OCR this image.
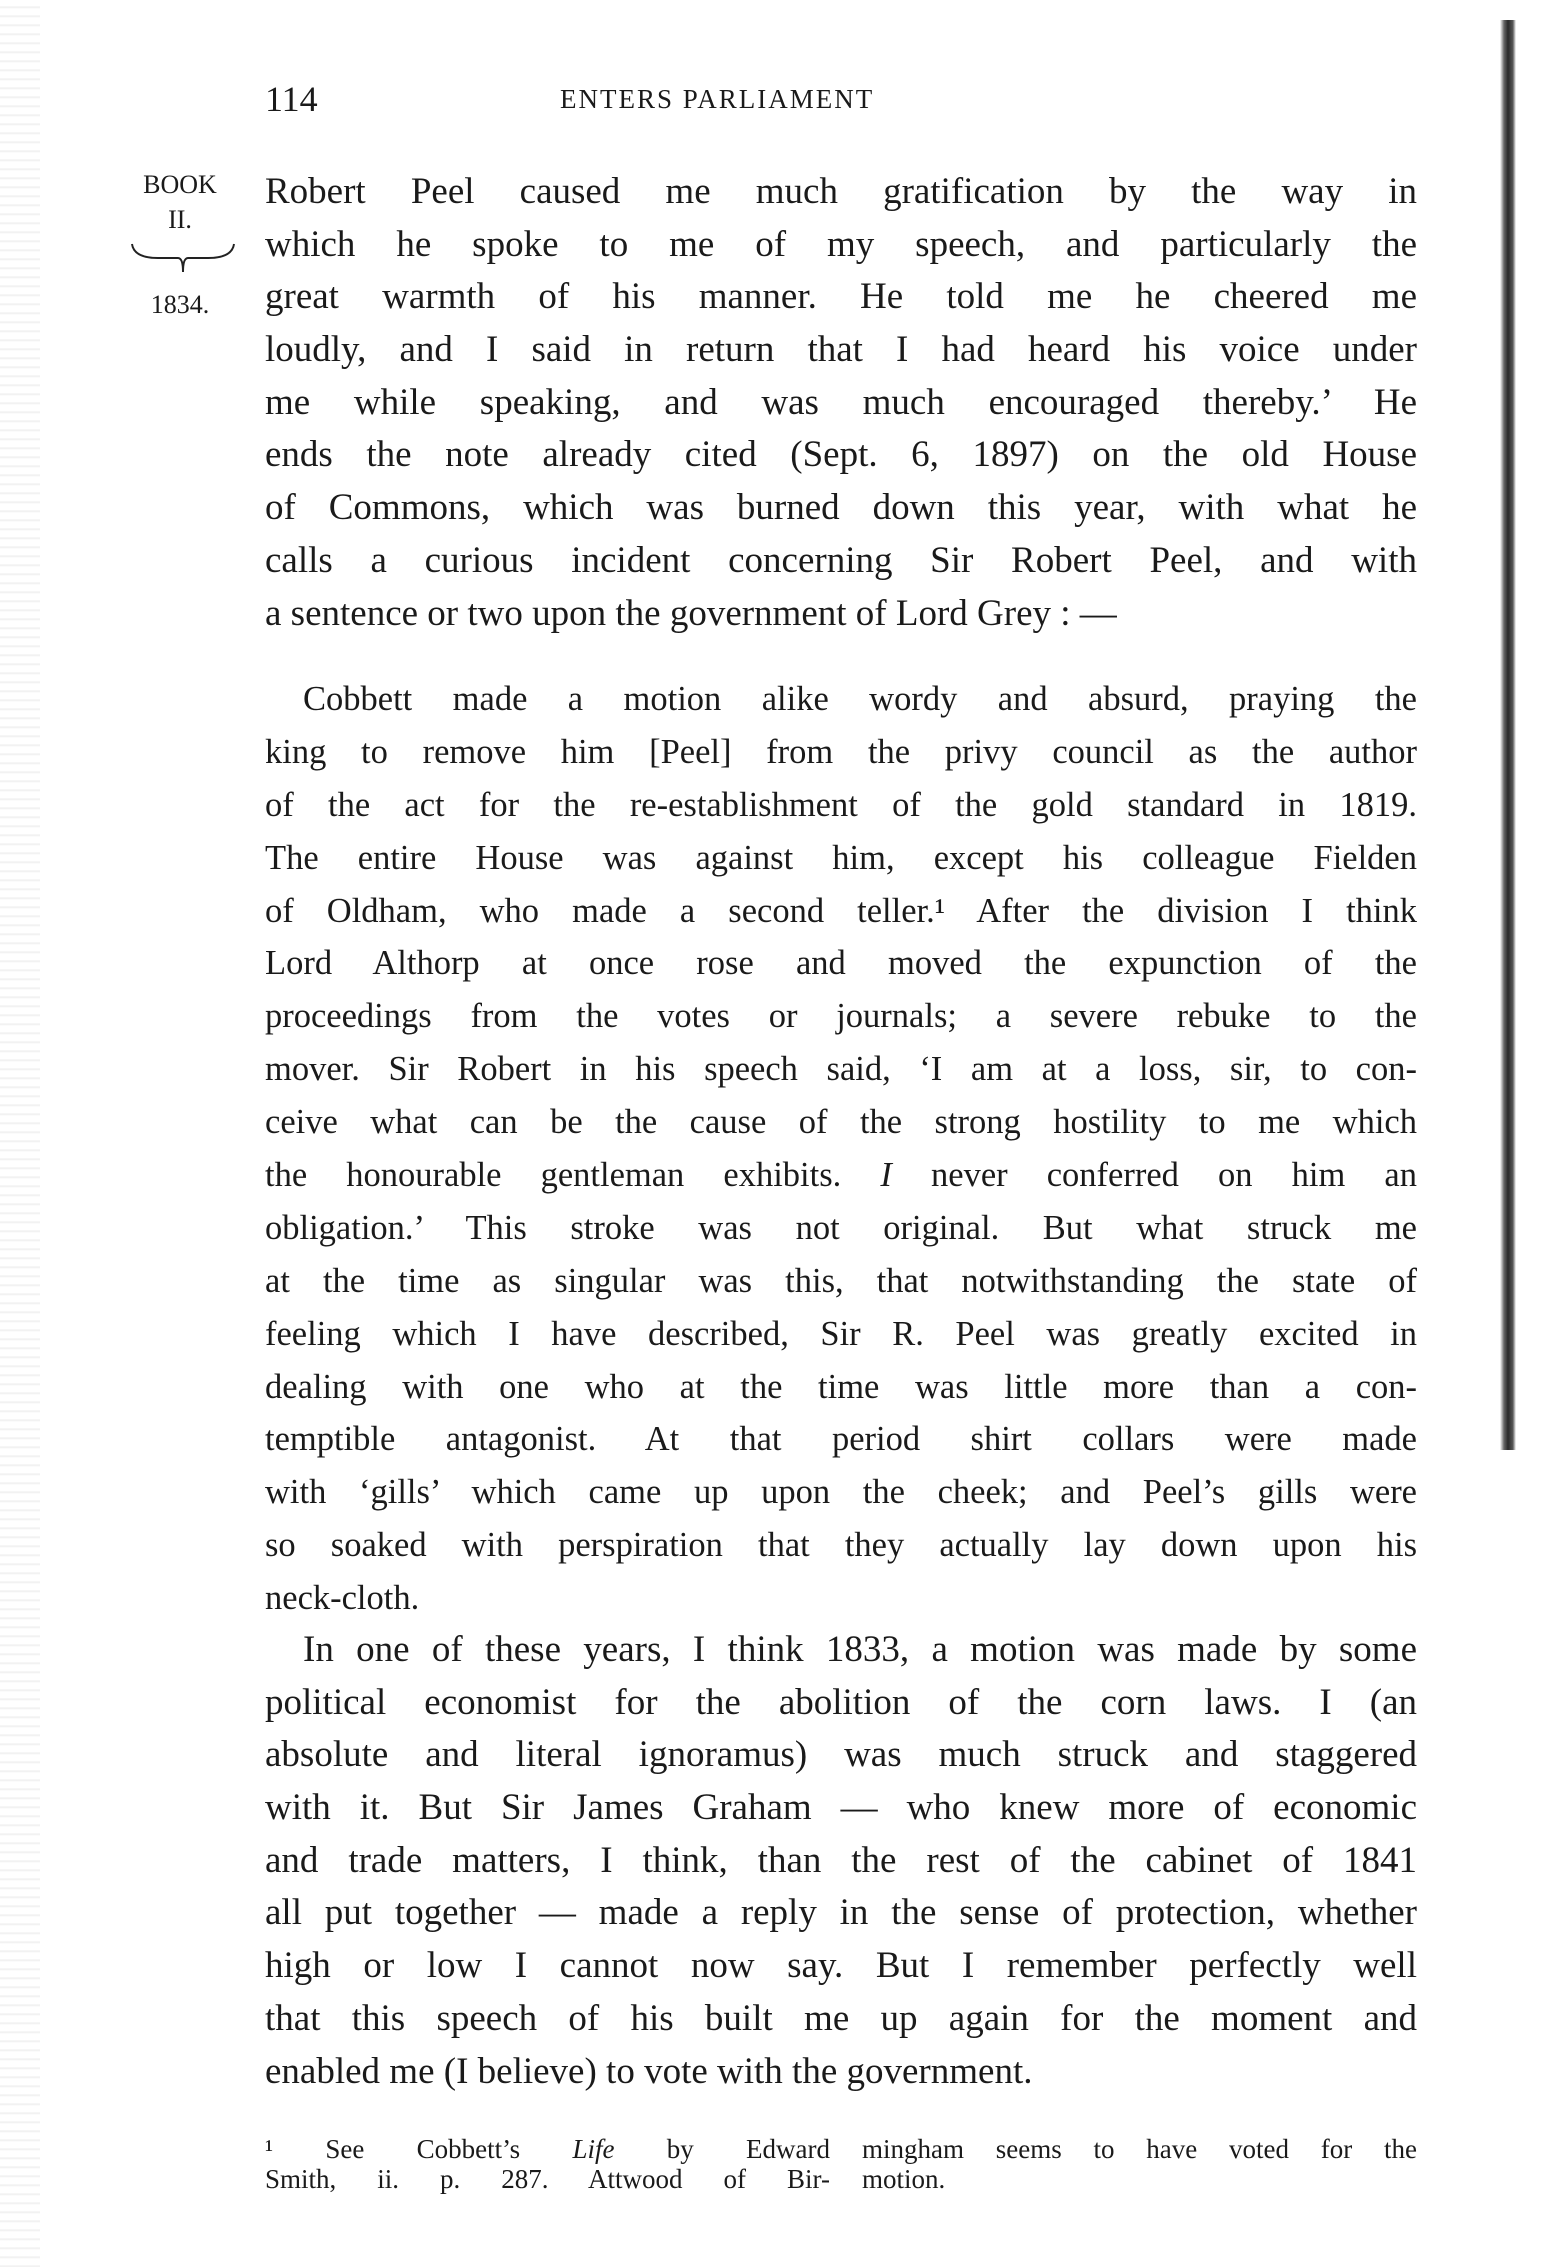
114	ENTERS PARLIAMENT
BOOK
II.
1834.
Robert Peel caused me much gratification by the way in
which he spoke to me of my speech, and particularly the
great warmth of his manner. He told me he cheered me
loudly, and I said in return that I had heard his voice under
me while speaking, and was much encouraged thereby.’ He
ends the note already cited (Sept. 6, 1897) on the old House
of Commons, which was burned down this year, with what he
calls a curious incident concerning Sir Robert Peel, and with
a sentence or two upon the government of Lord Grey : —
Cobbett made a motion alike wordy and absurd, praying the
king to remove him [Peel] from the privy council as the author
of the act for the re-establishment of the gold standard in 1819.
The entire House was against him, except his colleague Fielden
of Oldham, who made a second teller.¹ After the division I think
Lord Althorp at once rose and moved the expunction of the
proceedings from the votes or journals; a severe rebuke to the
mover. Sir Robert in his speech said, ‘I am at a loss, sir, to con-
ceive what can be the cause of the strong hostility to me which
the honourable gentleman exhibits. I never conferred on him an
obligation.’ This stroke was not original. But what struck me
at the time as singular was this, that notwithstanding the state of
feeling which I have described, Sir R. Peel was greatly excited in
dealing with one who at the time was little more than a con-
temptible antagonist. At that period shirt collars were made
with ‘gills’ which came up upon the cheek; and Peel’s gills were
so soaked with perspiration that they actually lay down upon his
neck-cloth.
In one of these years, I think 1833, a motion was made by some
political economist for the abolition of the corn laws. I (an
absolute and literal ignoramus) was much struck and staggered
with it. But Sir James Graham — who knew more of economic
and trade matters, I think, than the rest of the cabinet of 1841
all put together — made a reply in the sense of protection, whether
high or low I cannot now say. But I remember perfectly well
that this speech of his built me up again for the moment and
enabled me (I believe) to vote with the government.
¹ See Cobbett’s Life by Edward
Smith, ii. p. 287. Attwood of Bir-
mingham seems to have voted for the
motion.
